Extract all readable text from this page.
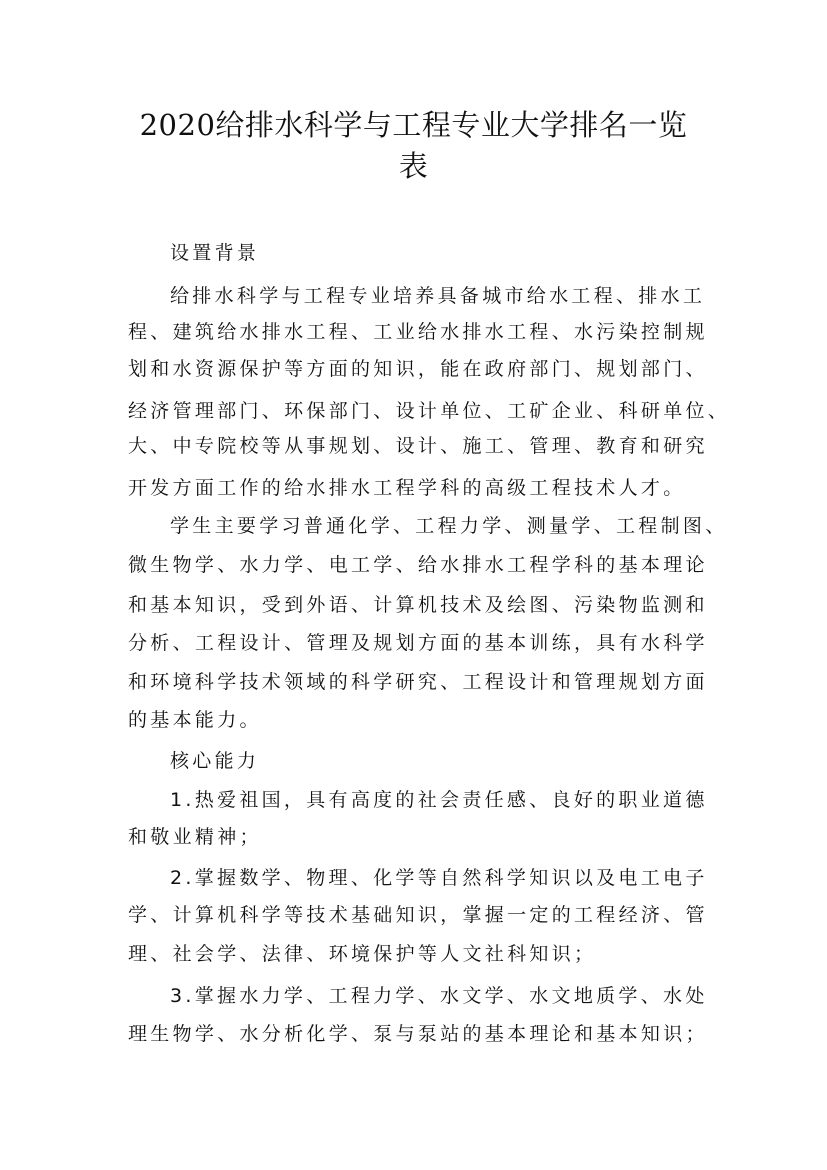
2020给排水科学与工程专业大学排名一览
表
设置背景
给排水科学与工程专业培养具备城市给水工程、排水工
程、建筑给水排水工程、工业给水排水工程、水污染控制规
划和水资源保护等方面的知识，能在政府部门、规划部门、
经济管理部门、环保部门、设计单位、工矿企业、科研单位、
大、中专院校等从事规划、设计、施工、管理、教育和研究
开发方面工作的给水排水工程学科的高级工程技术人才。
学生主要学习普通化学、工程力学、测量学、工程制图、
微生物学、水力学、电工学、给水排水工程学科的基本理论
和基本知识，受到外语、计算机技术及绘图、污染物监测和
分析、工程设计、管理及规划方面的基本训练，具有水科学
和环境科学技术领域的科学研究、工程设计和管理规划方面
的基本能力。
核心能力
1.热爱祖国，具有高度的社会责任感、良好的职业道德
和敬业精神；
2.掌握数学、物理、化学等自然科学知识以及电工电子
学、计算机科学等技术基础知识，掌握一定的工程经济、管
理、社会学、法律、环境保护等人文社科知识；
3.掌握水力学、工程力学、水文学、水文地质学、水处
理生物学、水分析化学、泵与泵站的基本理论和基本知识；
